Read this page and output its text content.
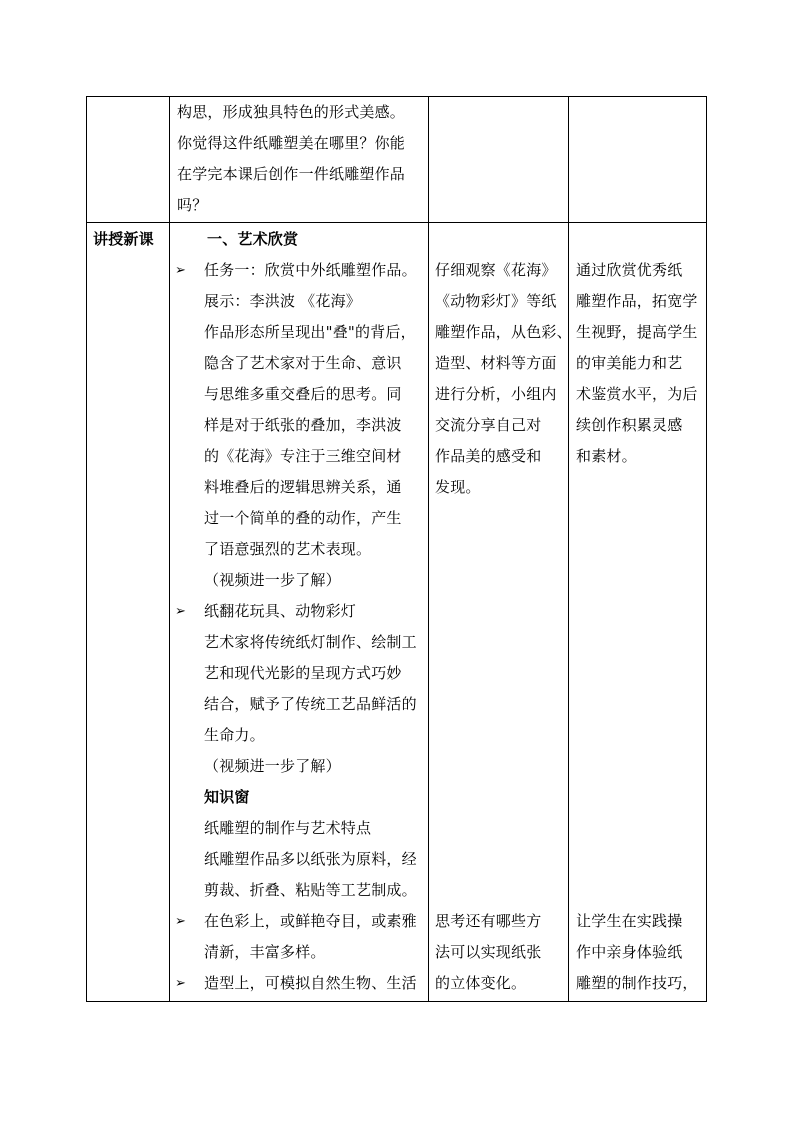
构思，形成独具特色的形式美感。
你觉得这件纸雕塑美在哪里？你能
在学完本课后创作一件纸雕塑作品
吗？
讲授新课	一、艺术欣赏
➢ 任务一：欣赏中外纸雕塑作品。
展示：李洪波 《花海》
作品形态所呈现出"叠"的背后，
隐含了艺术家对于生命、意识
与思维多重交叠后的思考。同
样是对于纸张的叠加，李洪波
的《花海》专注于三维空间材
料堆叠后的逻辑思辨关系，通
过一个简单的叠的动作，产生
了语意强烈的艺术表现。
（视频进一步了解）
➢ 纸翻花玩具、动物彩灯
艺术家将传统纸灯制作、绘制工
艺和现代光影的呈现方式巧妙
结合，赋予了传统工艺品鲜活的
生命力。
（视频进一步了解）
知识窗
纸雕塑的制作与艺术特点
纸雕塑作品多以纸张为原料，经
剪裁、折叠、粘贴等工艺制成。
➢ 在色彩上，或鲜艳夺目，或素雅
清新，丰富多样。
➢ 造型上，可模拟自然生物、生活
仔细观察《花海》
《动物彩灯》等纸
雕塑作品，从色彩、
造型、材料等方面
进行分析，小组内
交流分享自己对
作品美的感受和
发现。
思考还有哪些方
法可以实现纸张
的立体变化。
通过欣赏优秀纸
雕塑作品，拓宽学
生视野，提高学生
的审美能力和艺
术鉴赏水平，为后
续创作积累灵感
和素材。
让学生在实践操
作中亲身体验纸
雕塑的制作技巧，
